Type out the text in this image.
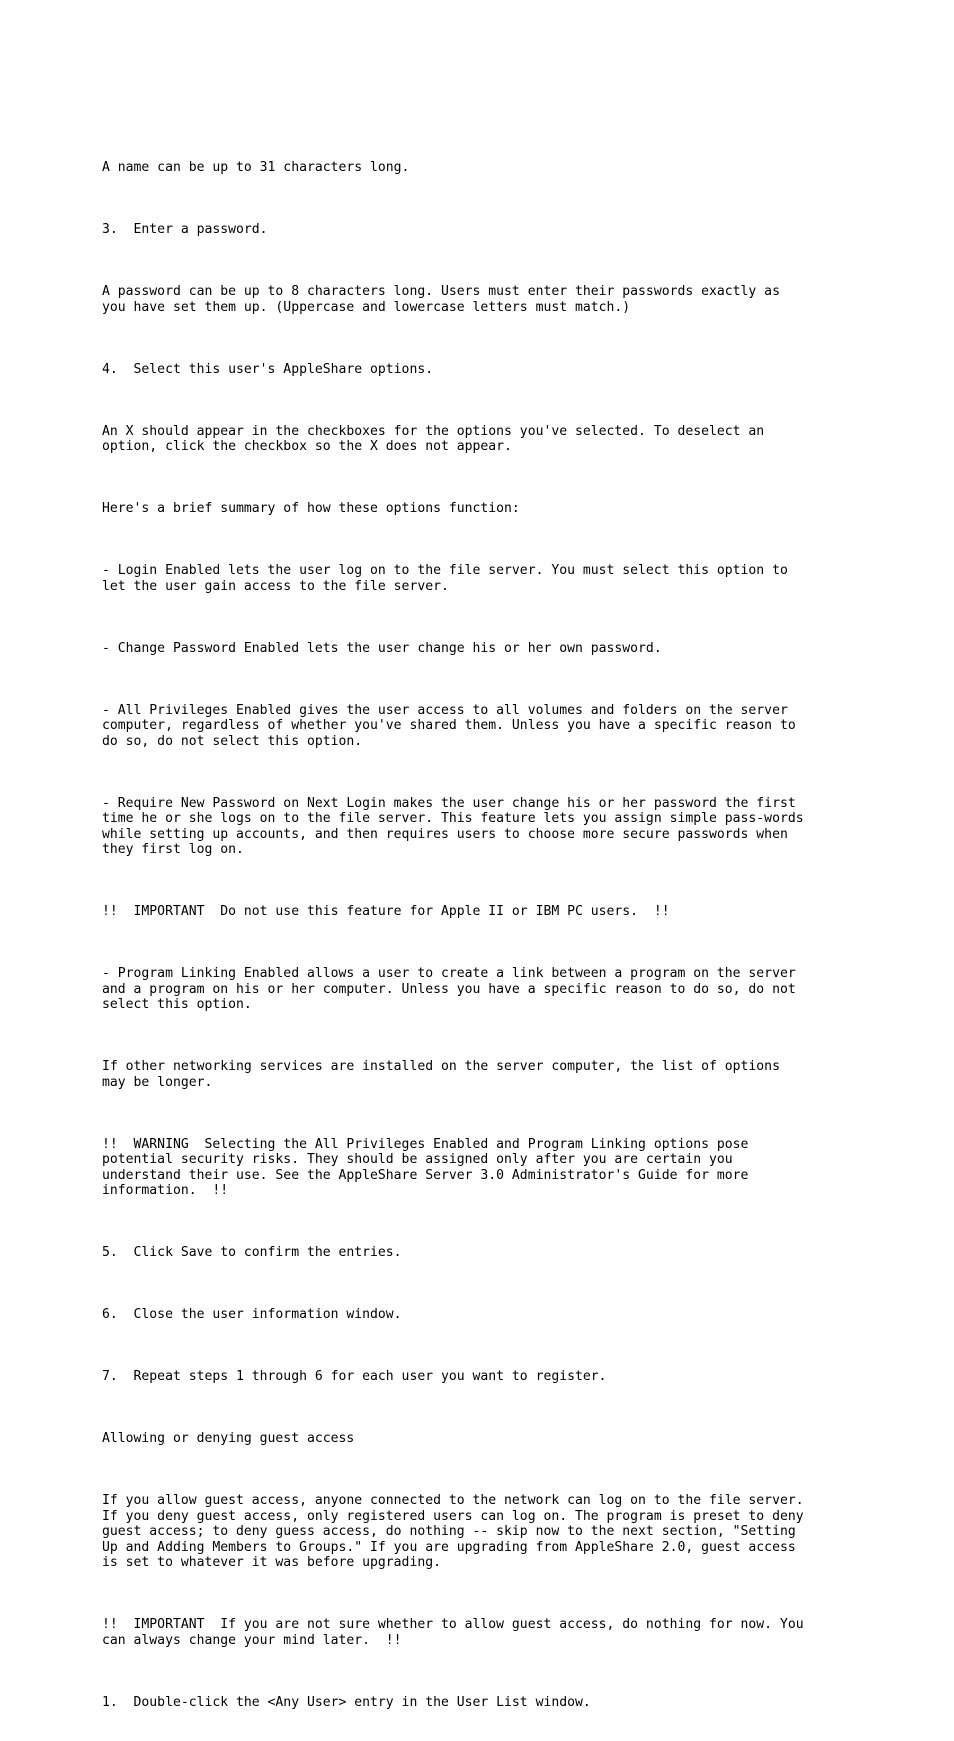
A name can be up to 31 characters long.

3.  Enter a password.

A password can be up to 8 characters long. Users must enter their passwords exactly as
you have set them up. (Uppercase and lowercase letters must match.)

4.  Select this user's AppleShare options.

An X should appear in the checkboxes for the options you've selected. To deselect an
option, click the checkbox so the X does not appear.

Here's a brief summary of how these options function:

- Login Enabled lets the user log on to the file server. You must select this option to
let the user gain access to the file server.

- Change Password Enabled lets the user change his or her own password.

- All Privileges Enabled gives the user access to all volumes and folders on the server
computer, regardless of whether you've shared them. Unless you have a specific reason to
do so, do not select this option.

- Require New Password on Next Login makes the user change his or her password the first
time he or she logs on to the file server. This feature lets you assign simple pass-words
while setting up accounts, and then requires users to choose more secure passwords when
they first log on.

!!  IMPORTANT  Do not use this feature for Apple II or IBM PC users.  !!

- Program Linking Enabled allows a user to create a link between a program on the server
and a program on his or her computer. Unless you have a specific reason to do so, do not
select this option.

If other networking services are installed on the server computer, the list of options
may be longer.

!!  WARNING  Selecting the All Privileges Enabled and Program Linking options pose
potential security risks. They should be assigned only after you are certain you
understand their use. See the AppleShare Server 3.0 Administrator's Guide for more
information.  !!

5.  Click Save to confirm the entries.

6.  Close the user information window.

7.  Repeat steps 1 through 6 for each user you want to register.

Allowing or denying guest access

If you allow guest access, anyone connected to the network can log on to the file server.
If you deny guest access, only registered users can log on. The program is preset to deny
guest access; to deny guess access, do nothing -- skip now to the next section, "Setting
Up and Adding Members to Groups." If you are upgrading from AppleShare 2.0, guest access
is set to whatever it was before upgrading.

!!  IMPORTANT  If you are not sure whether to allow guest access, do nothing for now. You
can always change your mind later.  !!

1.  Double-click the <Any User> entry in the User List window.
